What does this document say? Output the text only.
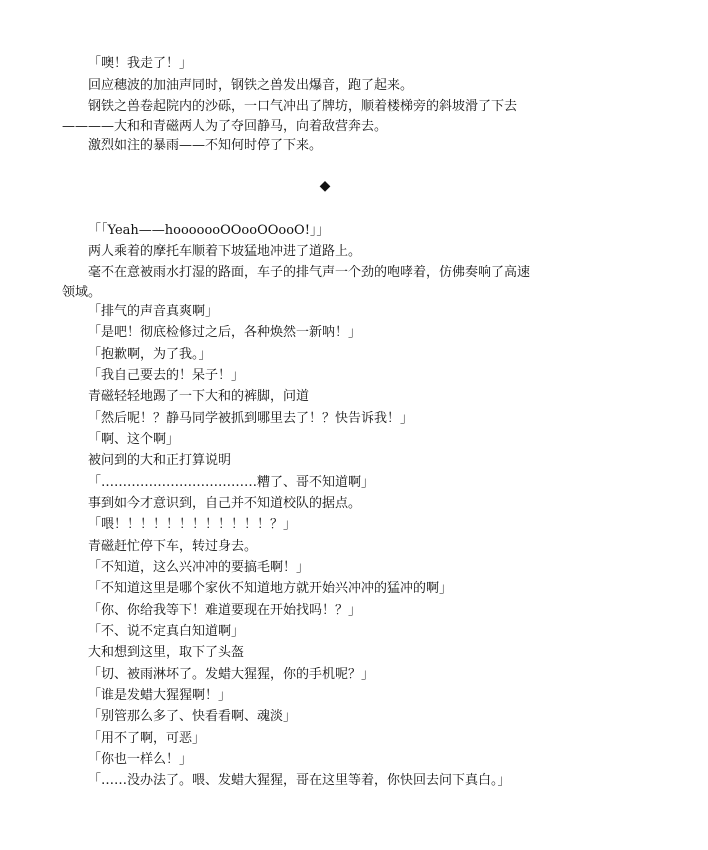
「噢！我走了！」

回应穗波的加油声同时，钢铁之兽发出爆音，跑了起来。

钢铁之兽卷起院内的沙砾，一口气冲出了牌坊，顺着楼梯旁的斜坡滑了下去————大和和青磁两人为了夺回静马，向着敌营奔去。

激烈如注的暴雨——不知何时停了下来。

◆

「「Yeah——hooooooOOooOOooO!」」

两人乘着的摩托车顺着下坡猛地冲进了道路上。

毫不在意被雨水打湿的路面，车子的排气声一个劲的咆哮着，仿佛奏响了高速领域。

「排气的声音真爽啊」

「是吧！彻底检修过之后，各种焕然一新呐！」

「抱歉啊，为了我。」

「我自己要去的！呆子！」

青磁轻轻地踢了一下大和的裤脚，问道

「然后呢！？静马同学被抓到哪里去了！？快告诉我！」

「啊、这个啊」

被问到的大和正打算说明

「………………………………糟了、哥不知道啊」

事到如今才意识到，自己并不知道校队的据点。

「喂！！！！！！！！！！！！？」

青磁赶忙停下车，转过身去。

「不知道，这么兴冲冲的要搞毛啊！」

「不知道这里是哪个家伙不知道地方就开始兴冲冲的猛冲的啊」

「你、你给我等下！难道要现在开始找吗！？」

「不、说不定真白知道啊」

大和想到这里，取下了头盔

「切、被雨淋坏了。发蜡大猩猩，你的手机呢？」

「谁是发蜡大猩猩啊！」

「别管那么多了、快看看啊、魂淡」

「用不了啊，可恶」

「你也一样么！」

「……没办法了。喂、发蜡大猩猩，哥在这里等着，你快回去问下真白。」
